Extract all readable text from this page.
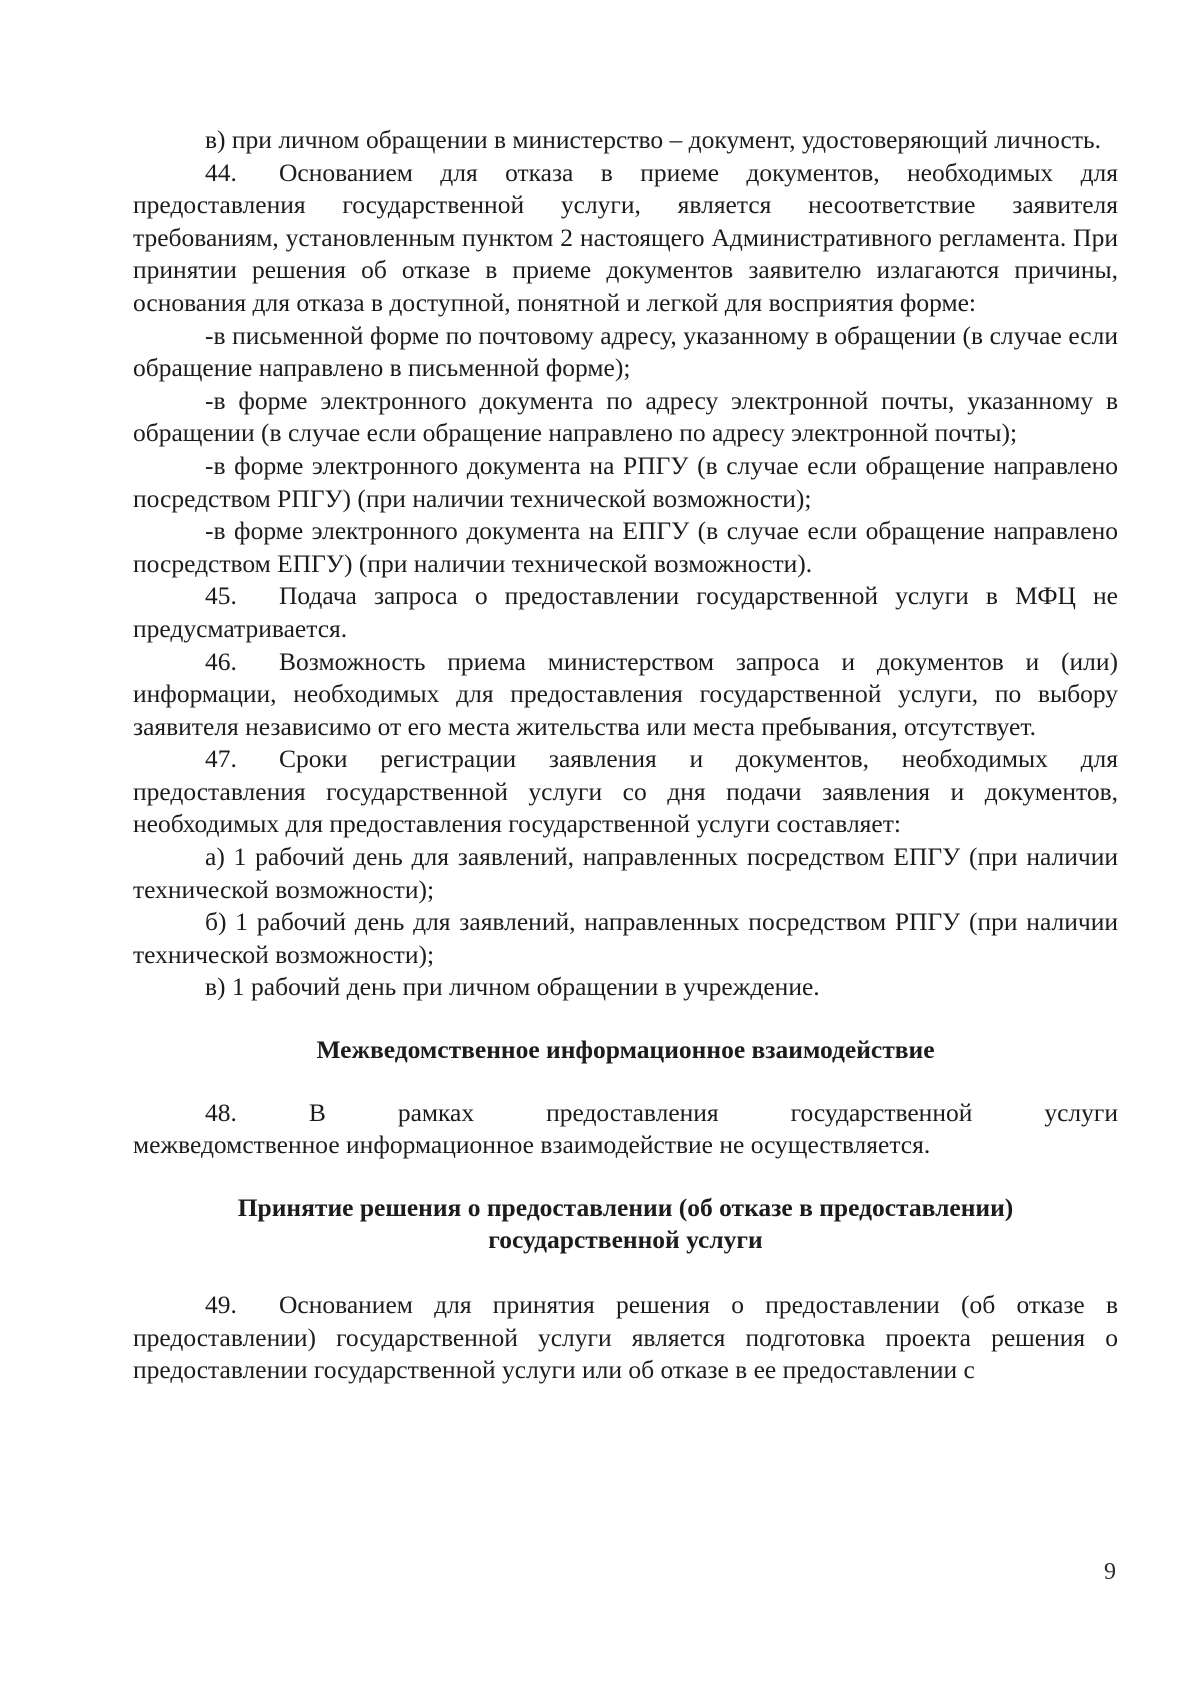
в) при личном обращении в министерство – документ, удостоверяющий личность.

44. Основанием для отказа в приеме документов, необходимых для предоставления государственной услуги, является несоответствие заявителя требованиям, установленным пунктом 2 настоящего Административного регламента. При принятии решения об отказе в приеме документов заявителю излагаются причины, основания для отказа в доступной, понятной и легкой для восприятия форме:

-в письменной форме по почтовому адресу, указанному в обращении (в случае если обращение направлено в письменной форме);

-в форме электронного документа по адресу электронной почты, указанному в обращении (в случае если обращение направлено по адресу электронной почты);

-в форме электронного документа на РПГУ (в случае если обращение направлено посредством РПГУ) (при наличии технической возможности);

-в форме электронного документа на ЕПГУ (в случае если обращение направлено посредством ЕПГУ) (при наличии технической возможности).

45. Подача запроса о предоставлении государственной услуги в МФЦ не предусматривается.

46. Возможность приема министерством запроса и документов и (или) информации, необходимых для предоставления государственной услуги, по выбору заявителя независимо от его места жительства или места пребывания, отсутствует.

47. Сроки регистрации заявления и документов, необходимых для предоставления государственной услуги со дня подачи заявления и документов, необходимых для предоставления государственной услуги составляет:

а) 1 рабочий день для заявлений, направленных посредством ЕПГУ (при наличии технической возможности);

б) 1 рабочий день для заявлений, направленных посредством РПГУ (при наличии технической возможности);

в) 1 рабочий день при личном обращении в учреждение.

Межведомственное информационное взаимодействие

48. В рамках предоставления государственной услуги

межведомственное информационное взаимодействие не осуществляется.

Принятие решения о предоставлении (об отказе в предоставлении)
государственной услуги

49. Основанием для принятия решения о предоставлении (об отказе в предоставлении) государственной услуги является подготовка проекта решения о предоставлении государственной услуги или об отказе в ее предоставлении с

9
